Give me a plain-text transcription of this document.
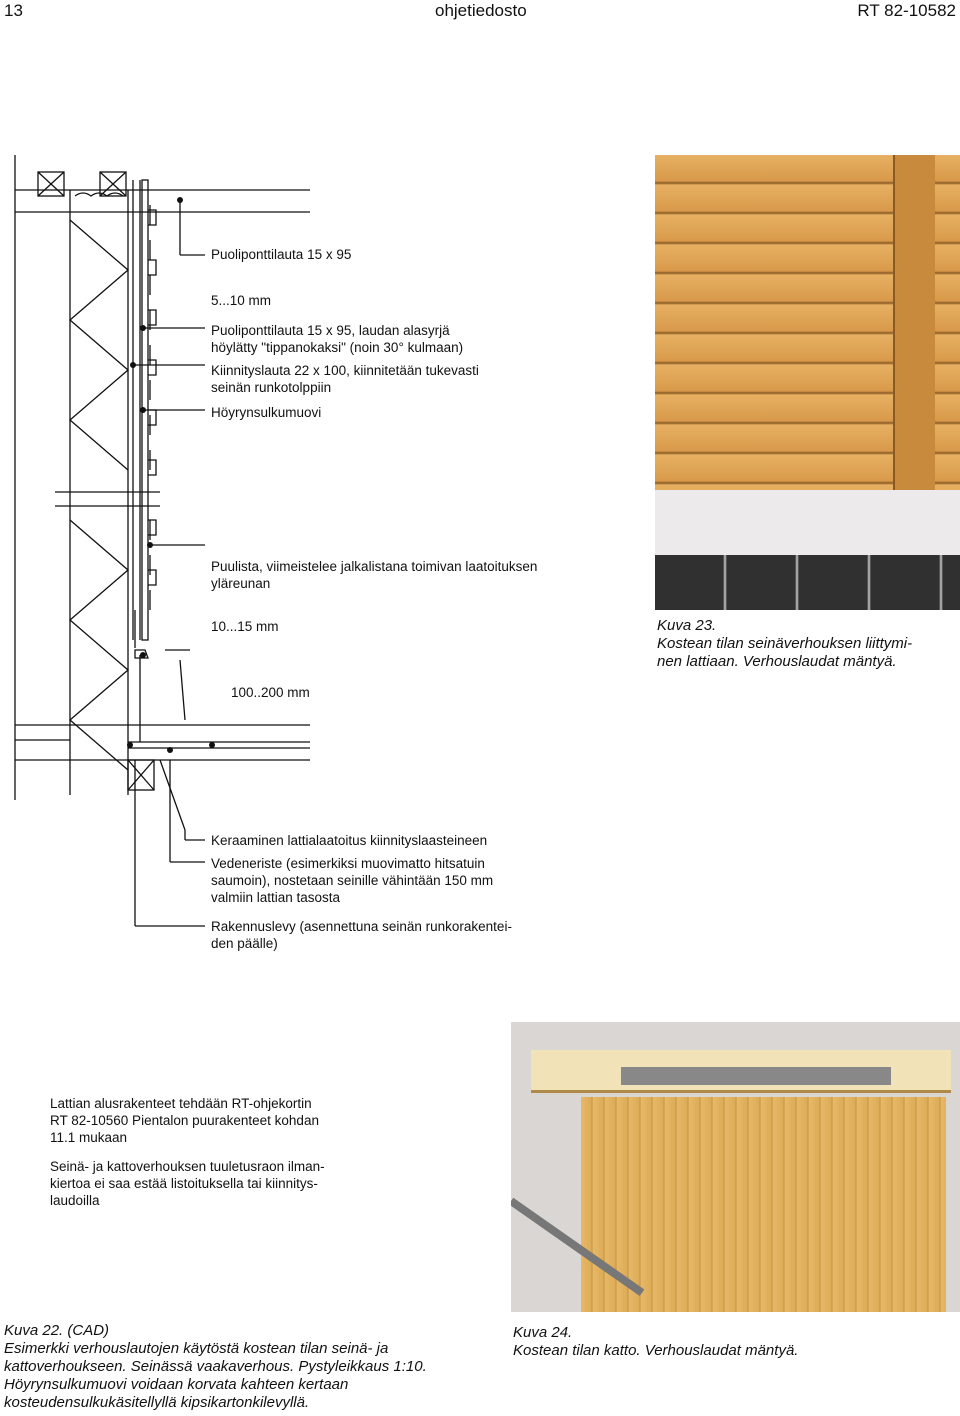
13	ohjetiedosto	RT 82-10582
Puoliponttilauta 15 x 95
5...10 mm
Puoliponttilauta 15 x 95, laudan alasyrjä
höylätty "tippanokaksi" (noin 30° kulmaan)
Kiinnityslauta 22 x 100, kiinnitetään tukevasti
seinän runkotolppiin
Höyrynsulkumuovi
Puulista, viimeistelee jalkalistana toimivan laatoituksen
yläreunan
10...15 mm
100..200 mm
Keraaminen lattialaatoitus kiinnityslaasteineen
Vedeneriste (esimerkiksi muovimatto hitsatuin
saumoin), nostetaan seinille vähintään 150 mm
valmiin lattian tasosta
Rakennuslevy (asennettuna seinän runkorakentei-
den päälle)
Kuva 23.
Kostean tilan seinäverhouksen liittymi-
nen lattiaan. Verhouslaudat mäntyä.
Lattian alusrakenteet tehdään RT-ohjekortin
RT 82-10560 Pientalon puurakenteet kohdan
11.1 mukaan
Seinä- ja kattoverhouksen tuuletusraon ilman-
kiertoa ei saa estää listoituksella tai kiinnitys-
laudoilla
Kuva 22. (CAD)
Esimerkki verhouslautojen käytöstä kostean tilan seinä- ja
kattoverhoukseen. Seinässä vaakaverhous. Pystyleikkaus 1:10.
Höyrynsulkumuovi voidaan korvata kahteen kertaan
kosteudensulkukäsitellyllä kipsikartonkilevyllä.
Kuva 24.
Kostean tilan katto. Verhouslaudat mäntyä.
